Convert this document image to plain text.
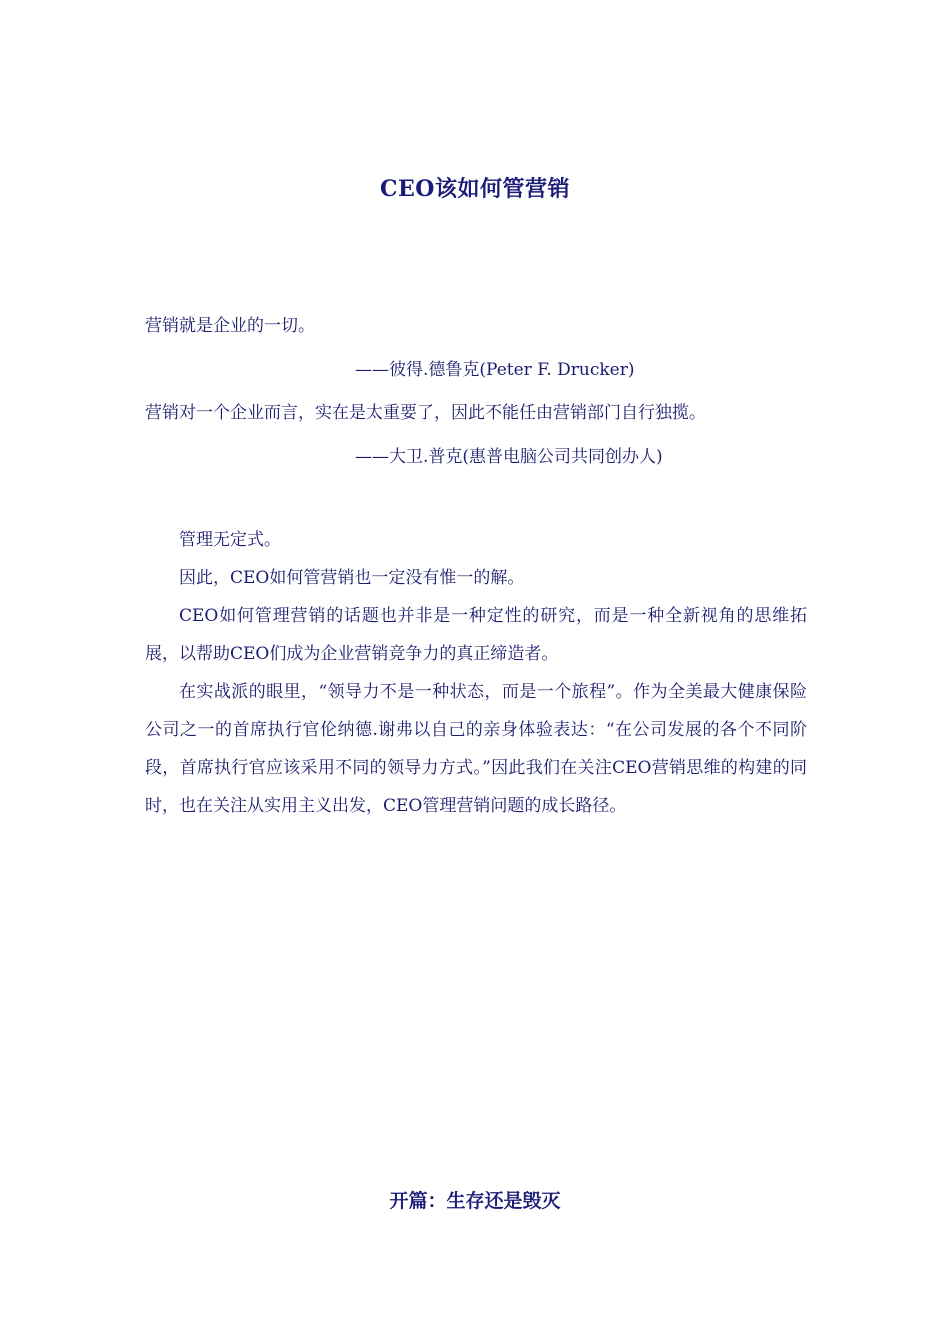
CEO该如何管营销
营销就是企业的一切。
——彼得.德鲁克(Peter F. Drucker)
营销对一个企业而言，实在是太重要了，因此不能任由营销部门自行独揽。
——大卫.普克(惠普电脑公司共同创办人)

管理无定式。

因此，CEO如何管营销也一定没有惟一的解。

CEO如何管理营销的话题也并非是一种定性的研究，而是一种全新视角的思维拓展，以帮助CEO们成为企业营销竞争力的真正缔造者。

在实战派的眼里，“领导力不是一种状态，而是一个旅程”。作为全美最大健康保险公司之一的首席执行官伦纳德.谢弗以自己的亲身体验表达：“在公司发展的各个不同阶段，首席执行官应该采用不同的领导力方式。”因此我们在关注CEO营销思维的构建的同时，也在关注从实用主义出发，CEO管理营销问题的成长路径。

开篇：生存还是毁灭
